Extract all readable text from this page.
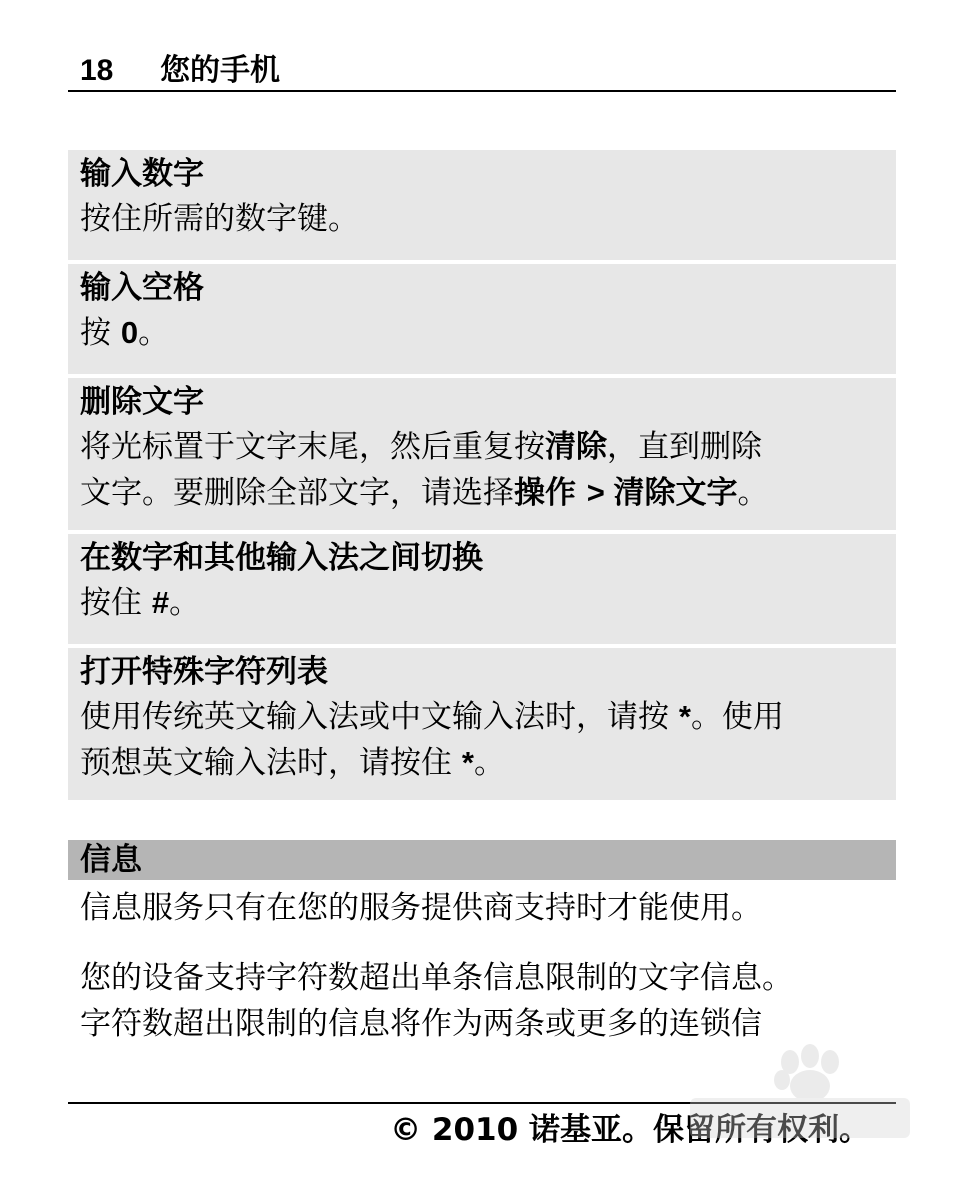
18	您的手机
输入数字
按住所需的数字键。
输入空格
按 0。
删除文字
将光标置于文字末尾，然后重复按清除，直到删除
文字。要删除全部文字，请选择操作 > 清除文字。
在数字和其他输入法之间切换
按住 #。
打开特殊字符列表
使用传统英文输入法或中文输入法时，请按 *。使用
预想英文输入法时，请按住 *。
信息
信息服务只有在您的服务提供商支持时才能使用。
您的设备支持字符数超出单条信息限制的文字信息。
字符数超出限制的信息将作为两条或更多的连锁信
© 2010 诺基亚。保留所有权利。
